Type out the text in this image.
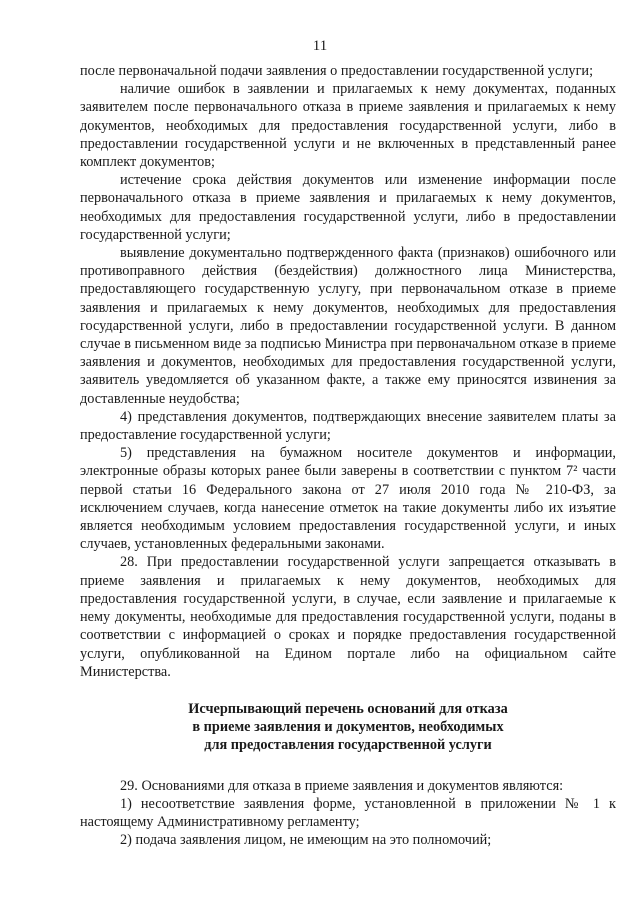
11

после первоначальной подачи заявления о предоставлении государственной услуги;

наличие ошибок в заявлении и прилагаемых к нему документах, поданных заявителем после первоначального отказа в приеме заявления и прилагаемых к нему документов, необходимых для предоставления государственной услуги, либо в предоставлении государственной услуги и не включенных в представленный ранее комплект документов;

истечение срока действия документов или изменение информации после первоначального отказа в приеме заявления и прилагаемых к нему документов, необходимых для предоставления государственной услуги, либо в предоставлении государственной услуги;

выявление документально подтвержденного факта (признаков) ошибочного или противоправного действия (бездействия) должностного лица Министерства, предоставляющего государственную услугу, при первоначальном отказе в приеме заявления и прилагаемых к нему документов, необходимых для предоставления государственной услуги, либо в предоставлении государственной услуги. В данном случае в письменном виде за подписью Министра при первоначальном отказе в приеме заявления и документов, необходимых для предоставления государственной услуги, заявитель уведомляется об указанном факте, а также ему приносятся извинения за доставленные неудобства;

4) представления документов, подтверждающих внесение заявителем платы за предоставление государственной услуги;

5) представления на бумажном носителе документов и информации, электронные образы которых ранее были заверены в соответствии с пунктом 7² части первой статьи 16 Федерального закона от 27 июля 2010 года № 210-ФЗ, за исключением случаев, когда нанесение отметок на такие документы либо их изъятие является необходимым условием предоставления государственной услуги, и иных случаев, установленных федеральными законами.

28. При предоставлении государственной услуги запрещается отказывать в приеме заявления и прилагаемых к нему документов, необходимых для предоставления государственной услуги, в случае, если заявление и прилагаемые к нему документы, необходимые для предоставления государственной услуги, поданы в соответствии с информацией о сроках и порядке предоставления государственной услуги, опубликованной на Едином портале либо на официальном сайте Министерства.

Исчерпывающий перечень оснований для отказа
в приеме заявления и документов, необходимых
для предоставления государственной услуги

29. Основаниями для отказа в приеме заявления и документов являются:

1) несоответствие заявления форме, установленной в приложении № 1 к настоящему Административному регламенту;

2) подача заявления лицом, не имеющим на это полномочий;
